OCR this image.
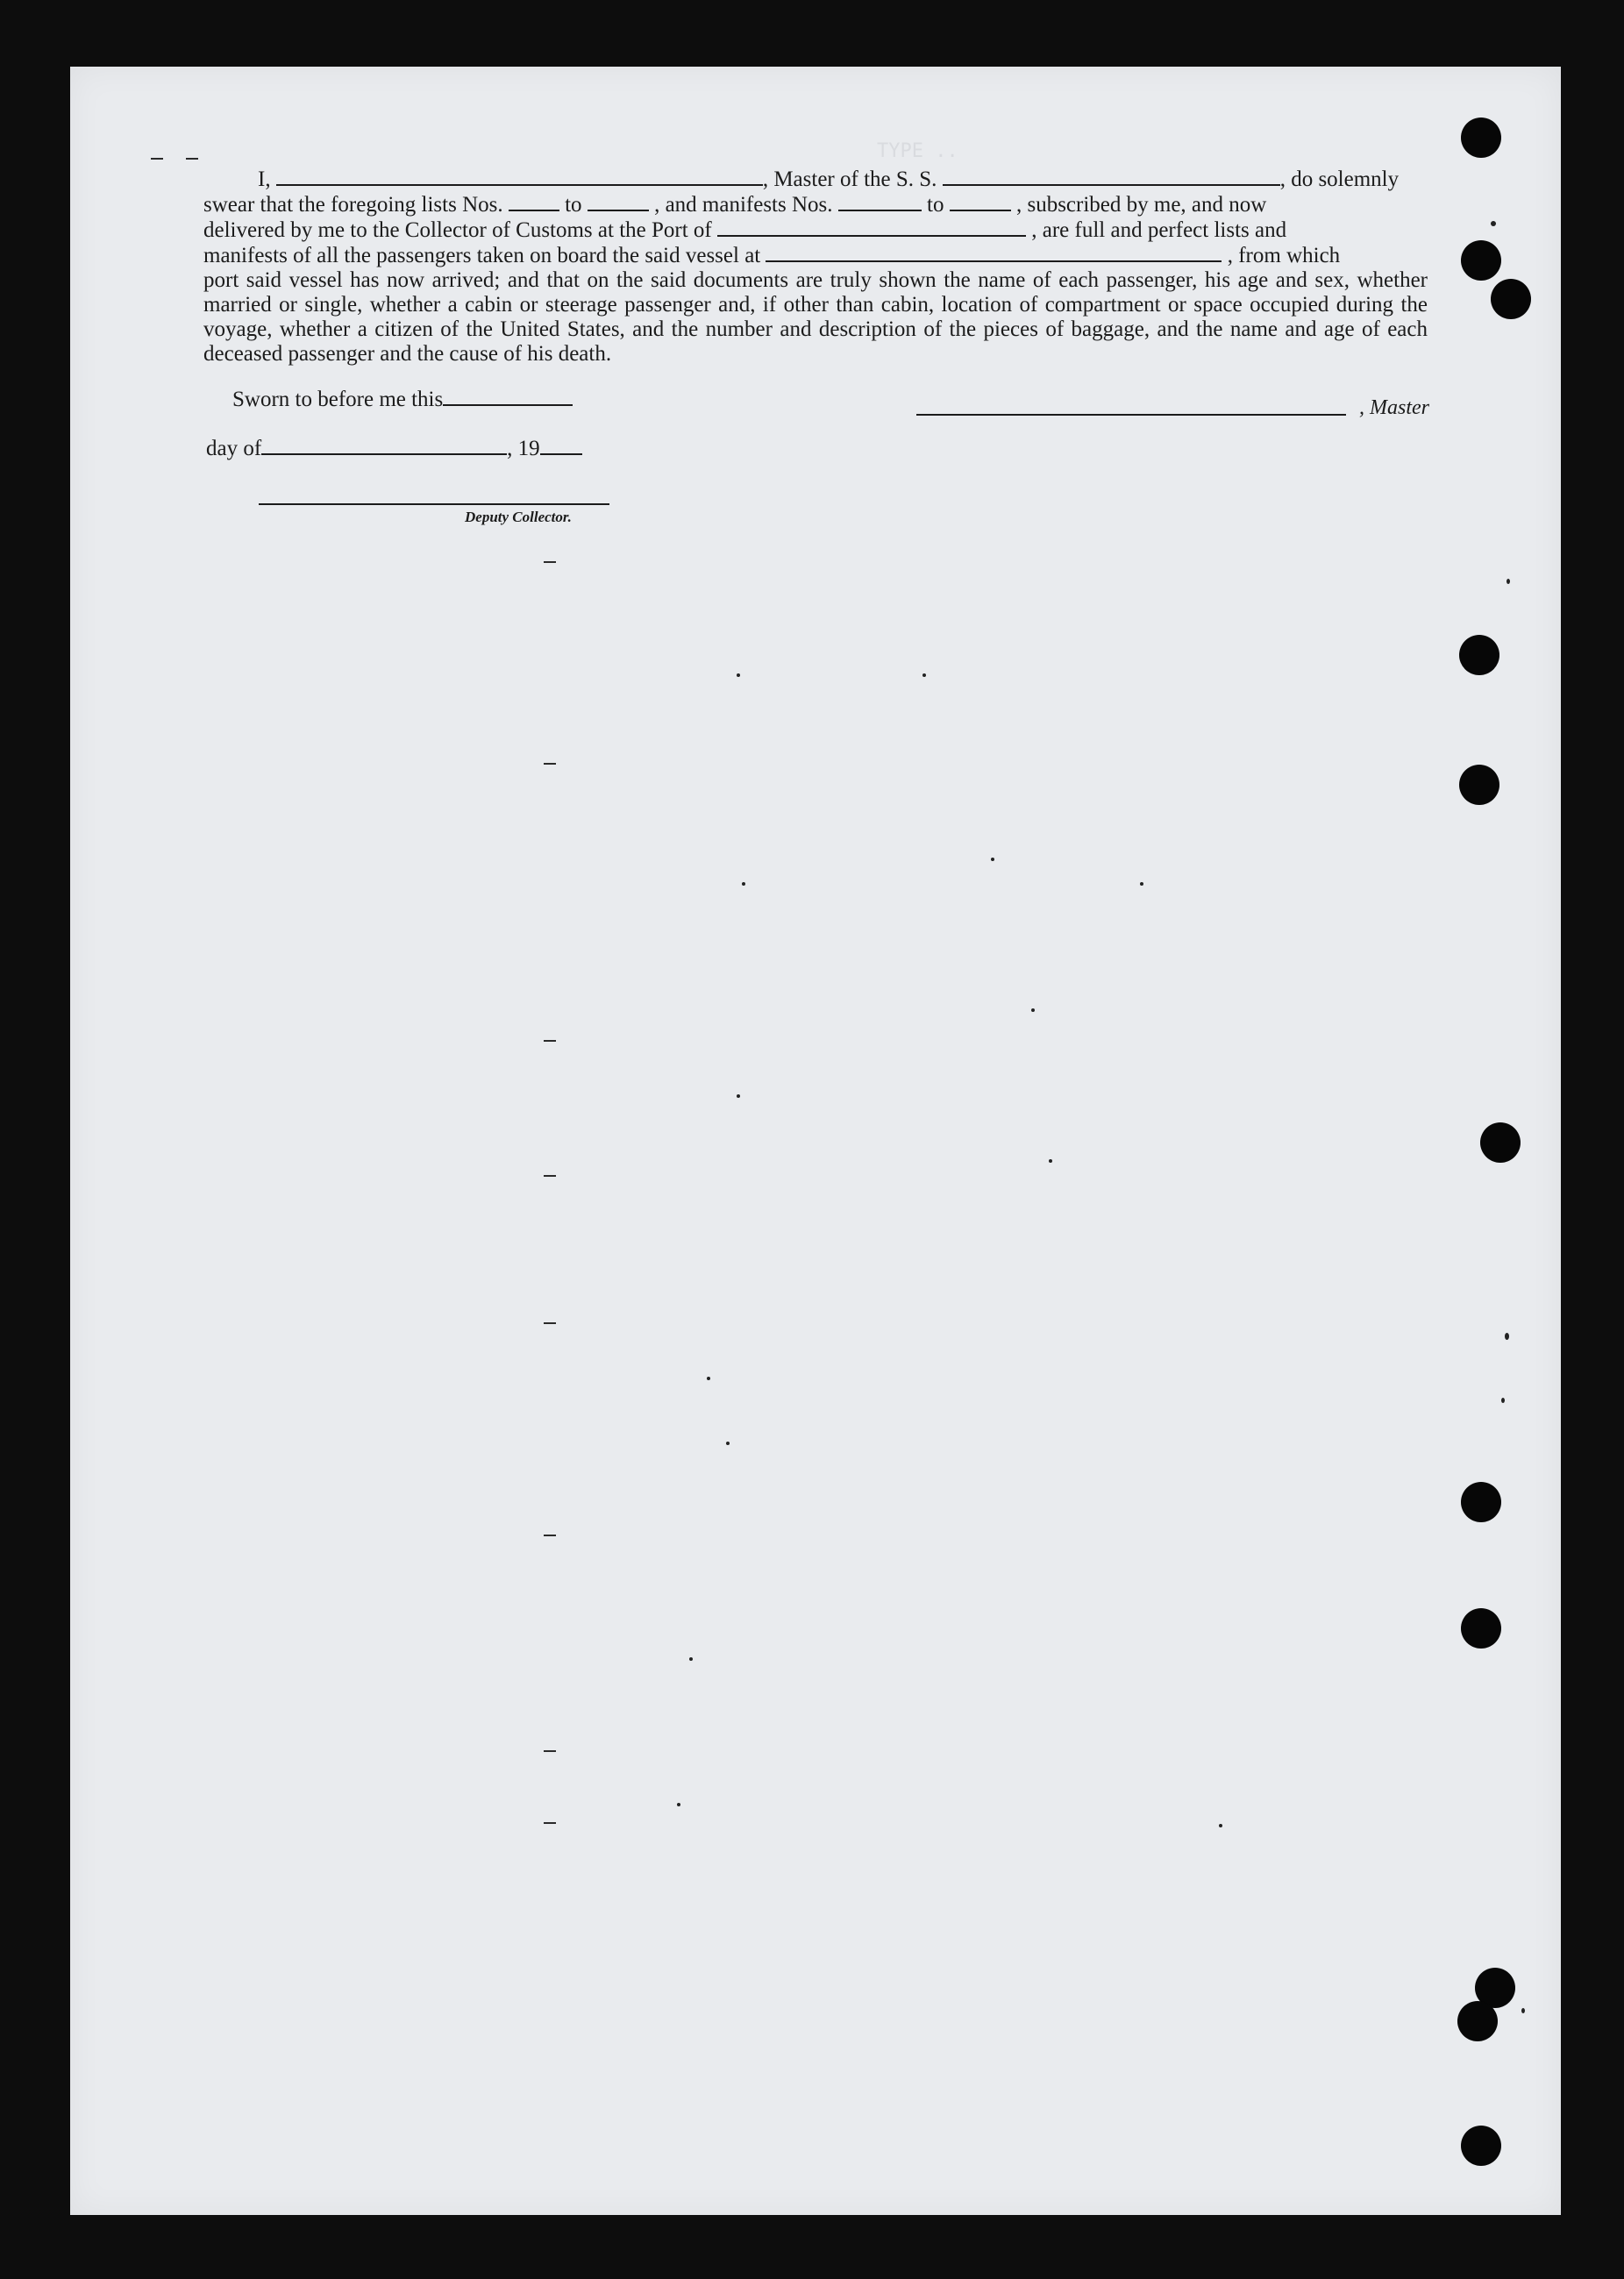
TYPE ..
I,	, Master of the S. S.	, do solemnly
swear that the foregoing lists Nos.	to	, and manifests Nos.	to	, subscribed by me, and now
delivered by me to the Collector of Customs at the Port of	, are full and perfect lists and
manifests of all the passengers taken on board the said vessel at	, from which
port said vessel has now arrived; and that on the said documents are truly shown the name of each passenger, his age and sex, whether married or single, whether a cabin or steerage passenger and, if other than cabin, location of compartment or space occupied during the voyage, whether a citizen of the United States, and the number and description of the pieces of baggage, and the name and age of each deceased passenger and the cause of his death.
Sworn to before me this
day of	, 19
, Master
Deputy Collector.
